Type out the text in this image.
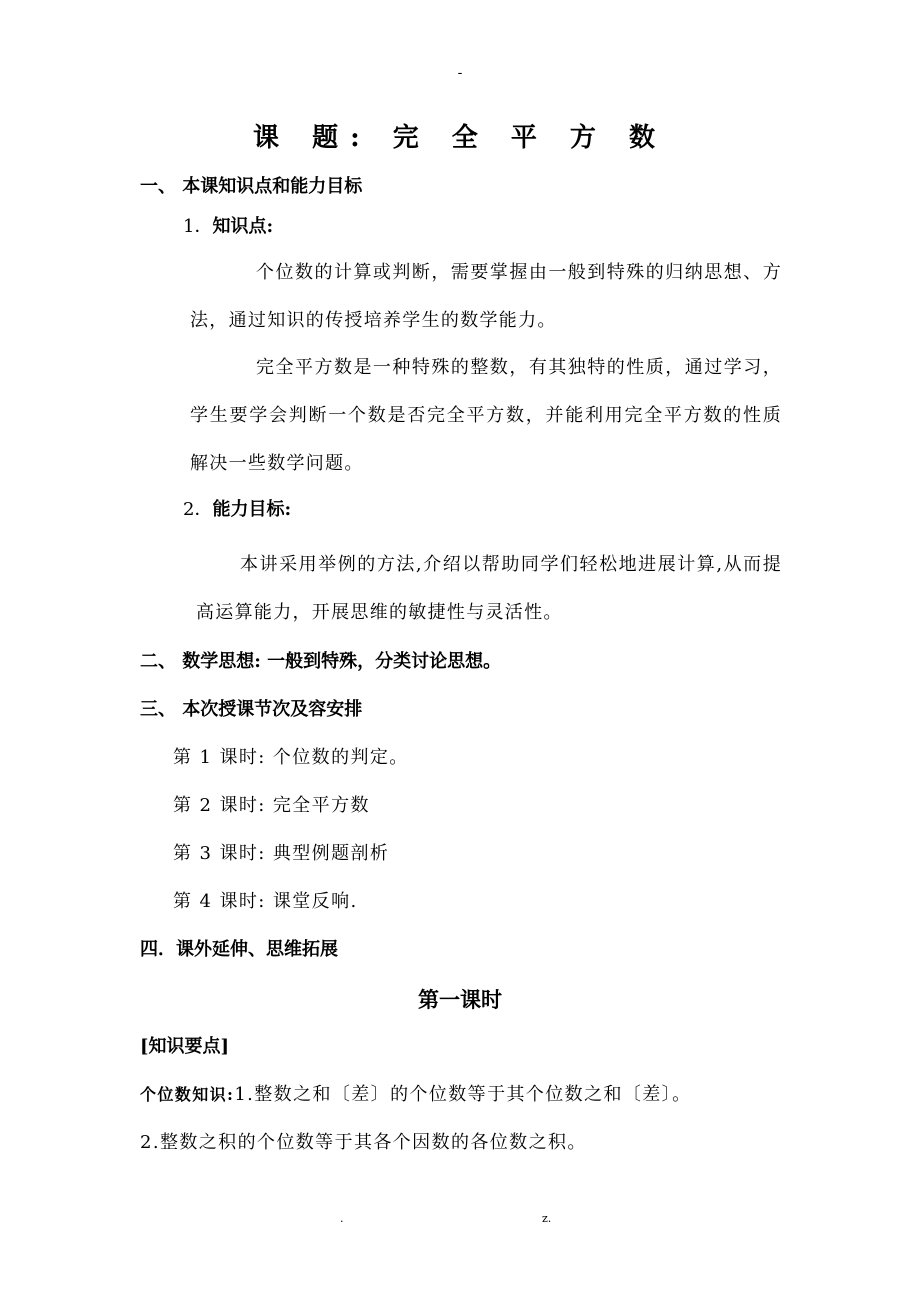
-
课 题: 完 全 平 方 数
一、 本课知识点和能力目标
1．知识点:
个位数的计算或判断，需要掌握由一般到特殊的归纳思想、方法，通过知识的传授培养学生的数学能力。
完全平方数是一种特殊的整数，有其独特的性质，通过学习，学生要学会判断一个数是否完全平方数，并能利用完全平方数的性质解决一些数学问题。
2．能力目标:
本讲采用举例的方法,介绍以帮助同学们轻松地进展计算,从而提高运算能力，开展思维的敏捷性与灵活性。
二、 数学思想: 一般到特殊，分类讨论思想。
三、 本次授课节次及容安排
第 1 课时: 个位数的判定。
第 2 课时: 完全平方数
第 3 课时: 典型例题剖析
第 4 课时: 课堂反响.
四．课外延伸、思维拓展
第一课时
[知识要点]
个位数知识:1.整数之和〔差〕的个位数等于其个位数之和〔差〕。
2.整数之积的个位数等于其各个因数的各位数之积。
.	z.
